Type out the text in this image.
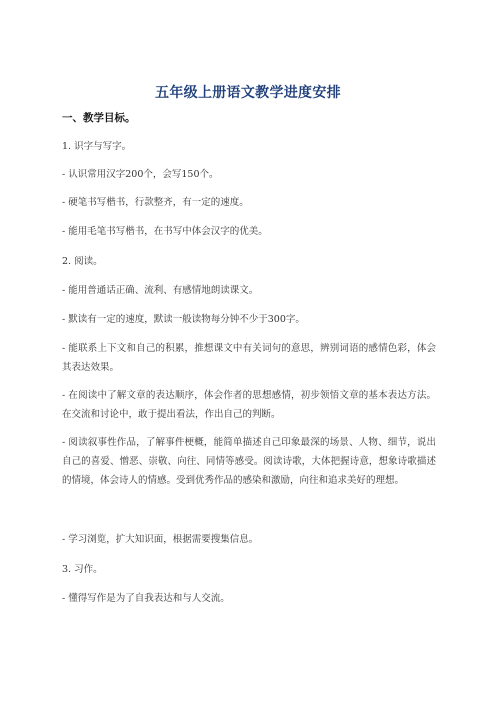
五年级上册语文教学进度安排
一、教学目标。
1. 识字与写字。
- 认识常用汉字200个，会写150个。
- 硬笔书写楷书，行款整齐，有一定的速度。
- 能用毛笔书写楷书，在书写中体会汉字的优美。
2. 阅读。
- 能用普通话正确、流利、有感情地朗读课文。
- 默读有一定的速度，默读一般读物每分钟不少于300字。
- 能联系上下文和自己的积累，推想课文中有关词句的意思，辨别词语的感情色彩，体会其表达效果。
- 在阅读中了解文章的表达顺序，体会作者的思想感情，初步领悟文章的基本表达方法。在交流和讨论中，敢于提出看法，作出自己的判断。
- 阅读叙事性作品，了解事件梗概，能简单描述自己印象最深的场景、人物、细节，说出自己的喜爱、憎恶、崇敬、向往、同情等感受。阅读诗歌，大体把握诗意，想象诗歌描述的情境，体会诗人的情感。受到优秀作品的感染和激励，向往和追求美好的理想。
- 学习浏览，扩大知识面，根据需要搜集信息。
3. 习作。
- 懂得写作是为了自我表达和与人交流。
